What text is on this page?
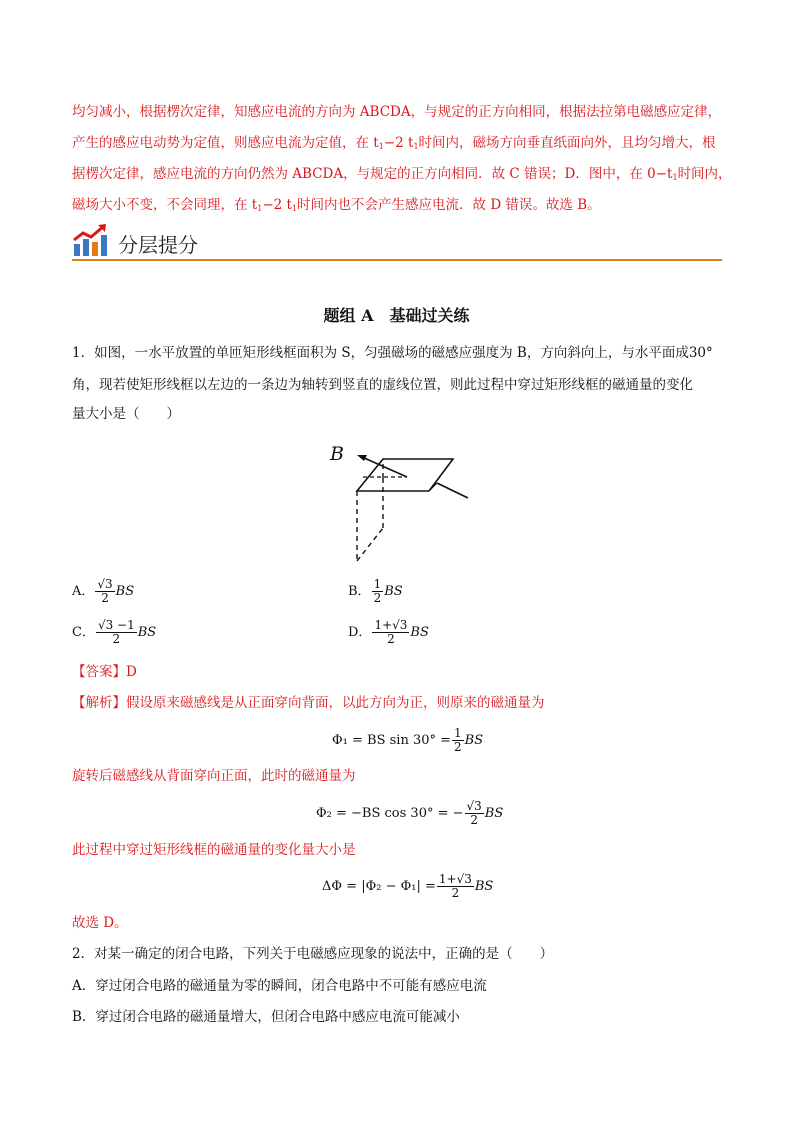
均匀减小，根据楞次定律，知感应电流的方向为 ABCDA，与规定的正方向相同，根据法拉第电磁感应定律，
产生的感应电动势为定值，则感应电流为定值，在 $t_1-2$ $t_1$时间内，磁场方向垂直纸面向外，且均匀增大，根
据楞次定律，感应电流的方向仍然为 ABCDA，与规定的正方向相同．故 C 错误；D．图中，在 $0-t_1$时间内，
磁场大小不变，不会同理，在 $t_1-2$ $t_1$时间内也不会产生感应电流．故 D 错误。故选 B。
分层提分
题组 A　基础过关练
1．如图，一水平放置的单匝矩形线框面积为 S，匀强磁场的磁感应强度为 B，方向斜向上，与水平面成30°
角，现若使矩形线框以左边的一条边为轴转到竖直的虚线位置，则此过程中穿过矩形线框的磁通量的变化
量大小是（　　）
B
A． $\frac{√3}{2}$ BS	B． $\frac{1}{2}$ BS
C． $\frac{√3 -1}{2}$ BS	D． $\frac{1+√3}{2}$ BS
【答案】D
【解析】假设原来磁感线是从正面穿向背面，以此方向为正，则原来的磁通量为
Φ₁ = BS $\sin 30^\circ = \frac{1}{2}$ BS
旋转后磁感线从背面穿向正面，此时的磁通量为
Φ₂ = −BS cos 30° = − $\frac{√3}{2}$ BS
此过程中穿过矩形线框的磁通量的变化量大小是
$\Delta\Phi = |\Phi_2 - \Phi_1| = \frac{1+√3}{2}$ BS
故选 D。
2．对某一确定的闭合电路，下列关于电磁感应现象的说法中，正确的是（　　）
A．穿过闭合电路的磁通量为零的瞬间，闭合电路中不可能有感应电流
B．穿过闭合电路的磁通量增大，但闭合电路中感应电流可能减小
